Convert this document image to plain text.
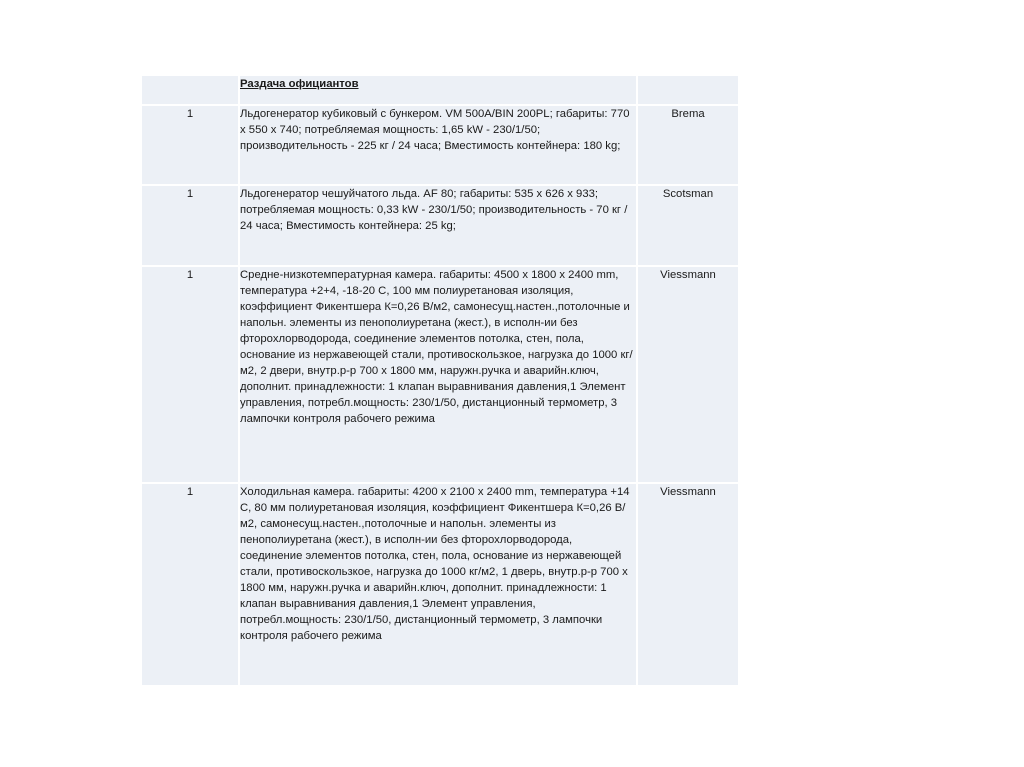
	Раздача официантов	
1	Льдогенератор кубиковый с бункером. VM 500A/BIN 200PL; габариты: 770 х 550 х 740; потребляемая мощность: 1,65 kW - 230/1/50; производительность - 225 кг / 24 часа; Вместимость контейнера: 180 kg;	Brema
1	Льдогенератор чешуйчатого льда. AF 80; габариты: 535 х 626 х 933; потребляемая мощность: 0,33 kW - 230/1/50; производительность - 70 кг / 24 часа; Вместимость контейнера: 25 kg;	Scotsman
1	Средне-низкотемпературная камера. габариты: 4500 х 1800 х 2400 mm, температура +2+4, -18-20 С, 100 мм полиуретановая изоляция, коэффициент Фикентшера К=0,26 В/м2, самонесущ.настен.,потолочные и напольн. элементы из пенополиуретана (жест.), в исполн-ии без фторохлорводорода, соединение элементов потолка, стен, пола, основание из нержавеющей стали, противоскользкое, нагрузка до 1000 кг/м2, 2 двери, внутр.р-р 700 х 1800 мм, наружн.ручка и аварийн.ключ, дополнит. принадлежности: 1 клапан выравнивания давления,1 Элемент управления, потребл.мощность: 230/1/50, дистанционный термометр, 3 лампочки контроля рабочего режима	Viessmann
1	Холодильная камера. габариты: 4200 х 2100 х 2400 mm, температура +14 С, 80 мм полиуретановая изоляция, коэффициент Фикентшера К=0,26 В/м2, самонесущ.настен.,потолочные и напольн. элементы из пенополиуретана (жест.), в исполн-ии без фторохлорводорода, соединение элементов потолка, стен, пола, основание из нержавеющей стали, противоскользкое, нагрузка до 1000 кг/м2, 1 дверь, внутр.р-р 700 х 1800 мм, наружн.ручка и аварийн.ключ, дополнит. принадлежности: 1 клапан выравнивания давления,1 Элемент управления, потребл.мощность: 230/1/50, дистанционный термометр, 3 лампочки контроля рабочего режима	Viessmann
